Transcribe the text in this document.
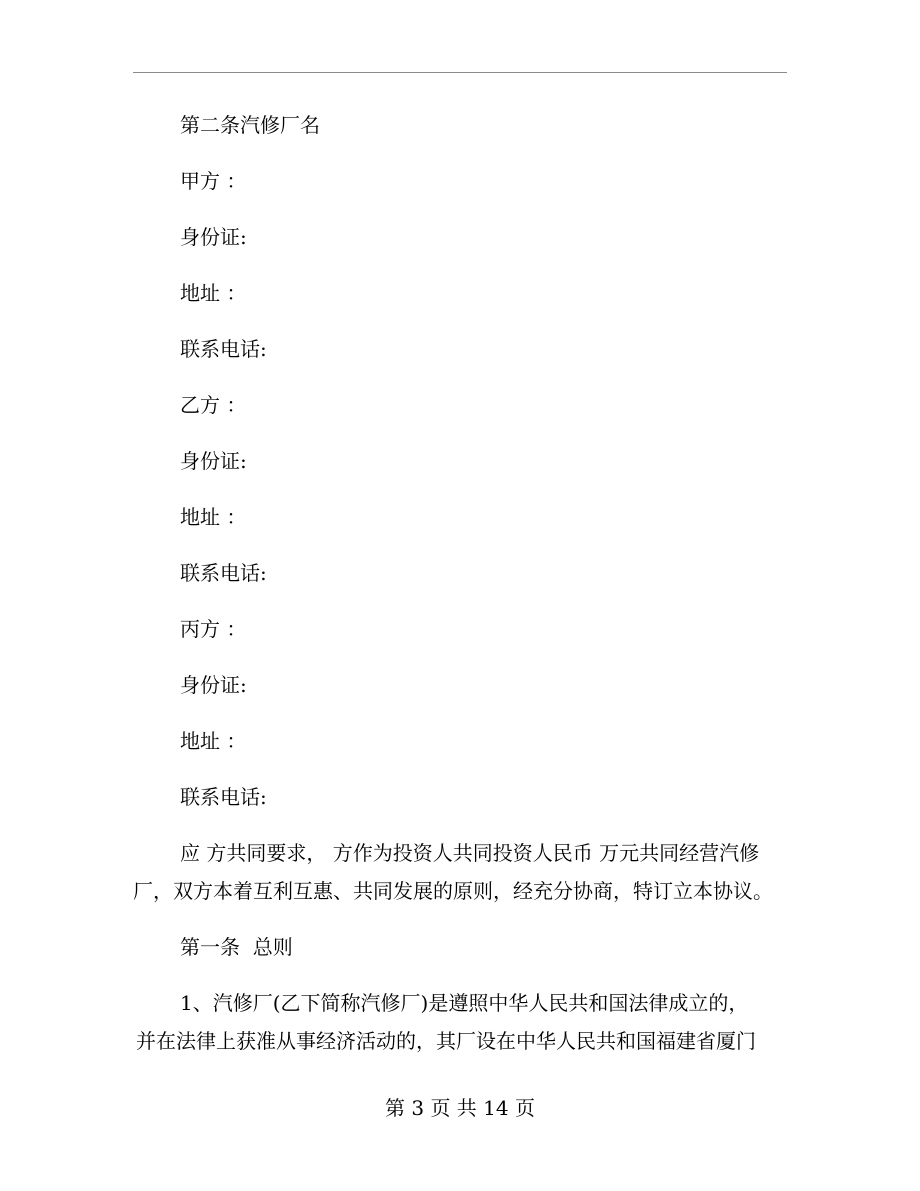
第二条汽修厂名
甲方 ：
身份证:
地址 ：
联系电话:
乙方 ：
身份证:
地址 ：
联系电话:
丙方 ：
身份证:
地址 ：
联系电话:
应 方共同要求， 方作为投资人共同投资人民币 万元共同经营汽修
厂，双方本着互利互惠、共同发展的原则，经充分协商，特订立本协议。
第一条  总则
1、汽修厂(乙下简称汽修厂)是遵照中华人民共和国法律成立的，
并在法律上获准从事经济活动的，其厂设在中华人民共和国福建省厦门
第 3 页 共 14 页
